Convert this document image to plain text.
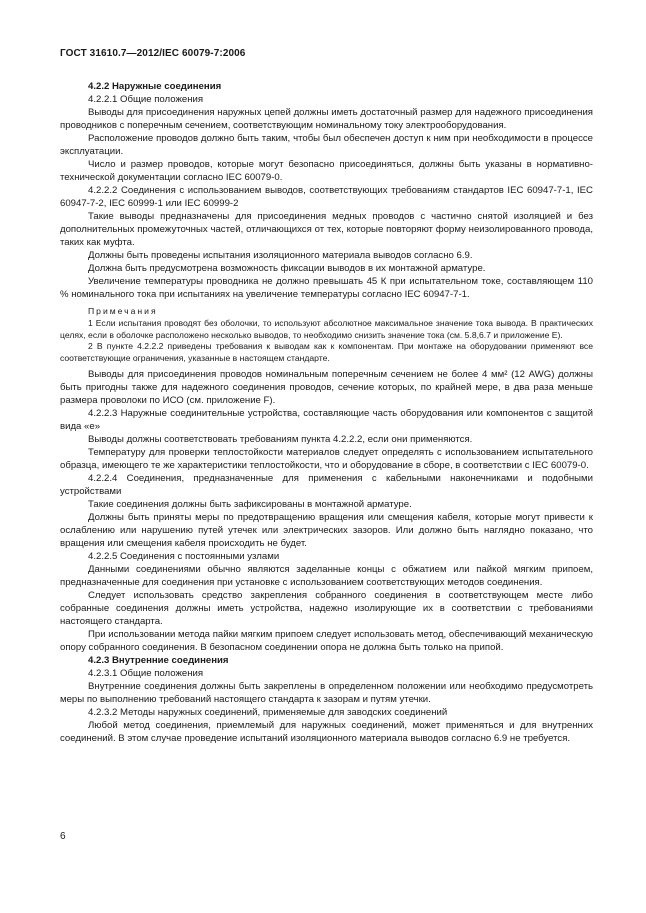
ГОСТ 31610.7—2012/IEC 60079-7:2006

4.2.2 Наружные соединения

4.2.2.1 Общие положения

Выводы для присоединения наружных цепей должны иметь достаточный размер для надежного присоединения проводников с поперечным сечением, соответствующим номинальному току электрооборудования.

Расположение проводов должно быть таким, чтобы был обеспечен доступ к ним при необходимости в процессе эксплуатации.

Число и размер проводов, которые могут безопасно присоединяться, должны быть указаны в нормативно-технической документации согласно IEC 60079-0.

4.2.2.2 Соединения с использованием выводов, соответствующих требованиям стандартов IEC 60947-7-1, IEC 60947-7-2, IEC 60999-1 или IEC 60999-2

Такие выводы предназначены для присоединения медных проводов с частично снятой изоляцией и без дополнительных промежуточных частей, отличающихся от тех, которые повторяют форму неизолированного провода, таких как муфта.

Должны быть проведены испытания изоляционного материала выводов согласно 6.9.

Должна быть предусмотрена возможность фиксации выводов в их монтажной арматуре.

Увеличение температуры проводника не должно превышать 45 К при испытательном токе, составляющем 110 % номинального тока при испытаниях на увеличение температуры согласно IEC 60947-7-1.

Примечания

1 Если испытания проводят без оболочки, то используют абсолютное максимальное значение тока вывода. В практических целях, если в оболочке расположено несколько выводов, то необходимо снизить значение тока (см. 5.8,6.7 и приложение Е).

2 В пункте 4.2.2.2 приведены требования к выводам как к компонентам. При монтаже на оборудовании применяют все соответствующие ограничения, указанные в настоящем стандарте.

Выводы для присоединения проводов номинальным поперечным сечением не более 4 мм² (12 AWG) должны быть пригодны также для надежного соединения проводов, сечение которых, по крайней мере, в два раза меньше размера проволоки по ИСО (см. приложение F).

4.2.2.3 Наружные соединительные устройства, составляющие часть оборудования или компонентов с защитой вида «е»

Выводы должны соответствовать требованиям пункта 4.2.2.2, если они применяются.

Температуру для проверки теплостойкости материалов следует определять с использованием испытательного образца, имеющего те же характеристики теплостойкости, что и оборудование в сборе, в соответствии с IEC 60079-0.

4.2.2.4 Соединения, предназначенные для применения с кабельными наконечниками и подобными устройствами

Такие соединения должны быть зафиксированы в монтажной арматуре.

Должны быть приняты меры по предотвращению вращения или смещения кабеля, которые могут привести к ослаблению или нарушению путей утечек или электрических зазоров. Или должно быть наглядно показано, что вращения или смещения кабеля происходить не будет.

4.2.2.5 Соединения с постоянными узлами

Данными соединениями обычно являются заделанные концы с обжатием или пайкой мягким припоем, предназначенные для соединения при установке с использованием соответствующих методов соединения.

Следует использовать средство закрепления собранного соединения в соответствующем месте либо собранные соединения должны иметь устройства, надежно изолирующие их в соответствии с требованиями настоящего стандарта.

При использовании метода пайки мягким припоем следует использовать метод, обеспечивающий механическую опору собранного соединения. В безопасном соединении опора не должна быть только на припой.

4.2.3 Внутренние соединения

4.2.3.1 Общие положения

Внутренние соединения должны быть закреплены в определенном положении или необходимо предусмотреть меры по выполнению требований настоящего стандарта к зазорам и путям утечки.

4.2.3.2 Методы наружных соединений, применяемые для заводских соединений

Любой метод соединения, приемлемый для наружных соединений, может применяться и для внутренних соединений. В этом случае проведение испытаний изоляционного материала выводов согласно 6.9 не требуется.

6
